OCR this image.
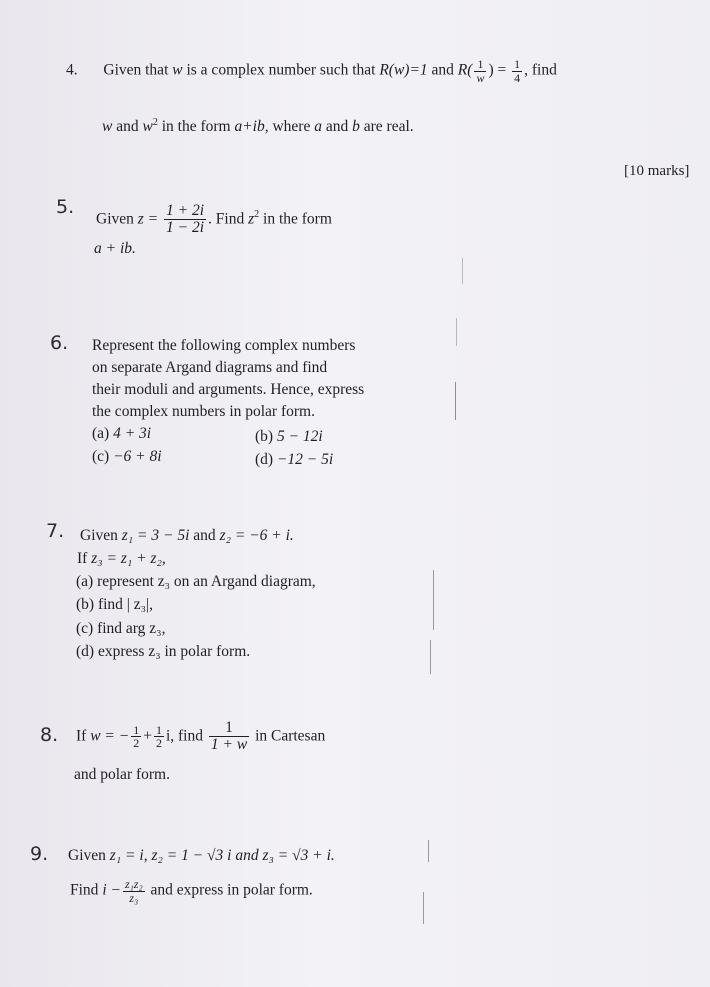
4. Given that w is a complex number such that R(w)=1 and $R( \frac{1}{w}$ ) = $\frac{1}{4}$ , find
w and $w^2$ in the form a+ib, where a and b are real.
[10 marks]
5.
Given $z = \frac{1 + 2i}{1 - 2i}$ . Find $z^2$ in the form
a + ib.
6. Represent the following complex numbers
on separate Argand diagrams and find
their moduli and arguments. Hence, express
the complex numbers in polar form.
(a) 4 + 3i	(b) 5 − 12i
(c) −6 + 8i	(d) −12 − 5i
7. Given z₁ = 3 − 5i and z₂ = −6 + i.
If z₃ = z₁ + z₂,
(a) represent z₃ on an Argand diagram,
(b) find | z₃|,
(c) find arg z₃,
(d) express z₃ in polar form.
8. If w = − $\frac{1}{2} + \frac{1}{2} i$, find $\frac{1}{1 + w}$ in Cartesan
and polar form.
9. Given z₁ = i, z₂ = 1 − √3 i and z₃ = √3 + i.
Find $i - \frac{\text{z₁z₂}}{\text{z₃}}$ and express in polar form.
